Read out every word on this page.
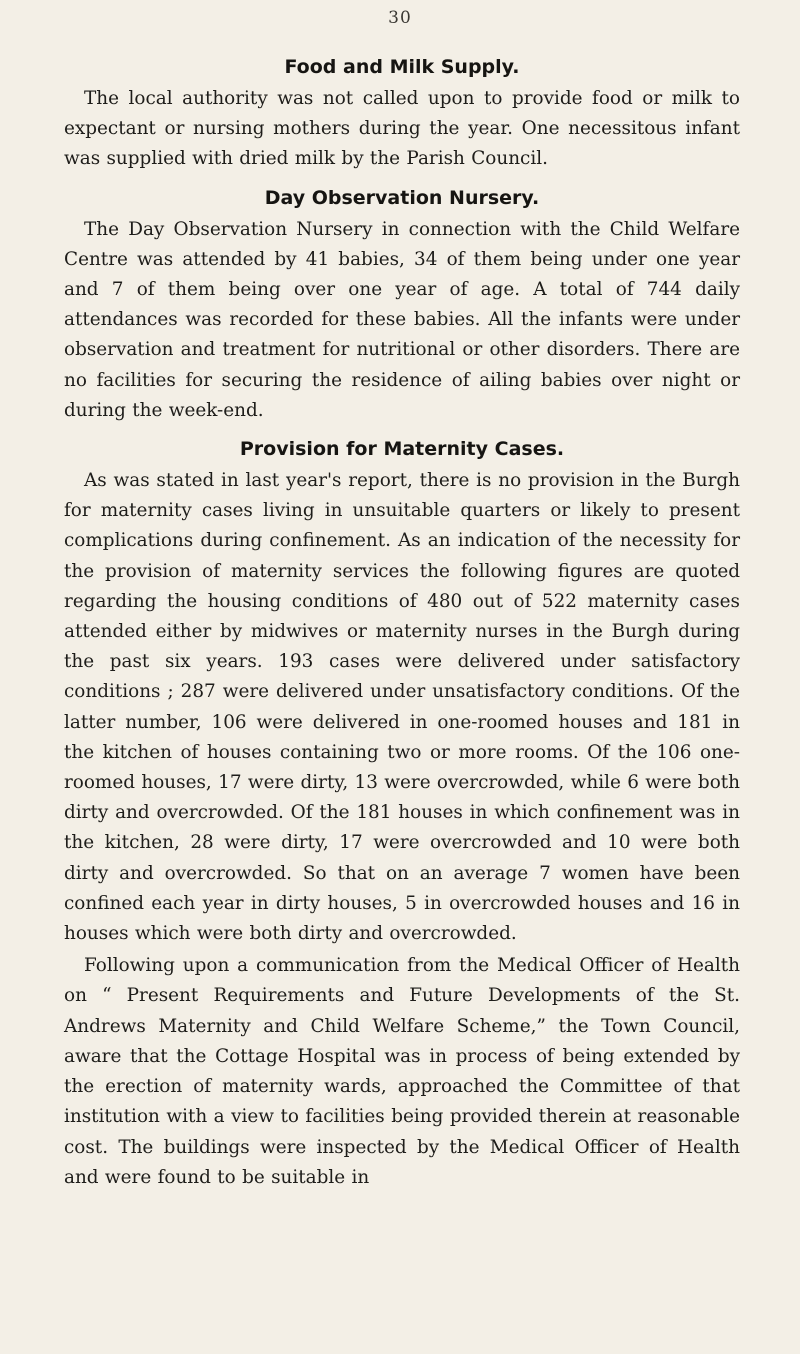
30
Food and Milk Supply.

The local authority was not called upon to provide food or milk to expectant or nursing mothers during the year. One necessitous infant was supplied with dried milk by the Parish Council.

Day Observation Nursery.

The Day Observation Nursery in connection with the Child Welfare Centre was attended by 41 babies, 34 of them being under one year and 7 of them being over one year of age. A total of 744 daily attendances was recorded for these babies. All the infants were under observation and treatment for nutritional or other disorders. There are no facilities for securing the residence of ailing babies over night or during the week-end.

Provision for Maternity Cases.

As was stated in last year's report, there is no provision in the Burgh for maternity cases living in unsuitable quarters or likely to present complications during confinement. As an indication of the necessity for the provision of maternity services the following figures are quoted regarding the housing conditions of 480 out of 522 maternity cases attended either by midwives or maternity nurses in the Burgh during the past six years. 193 cases were delivered under satisfactory conditions ; 287 were delivered under unsatisfactory conditions. Of the latter number, 106 were delivered in one-roomed houses and 181 in the kitchen of houses containing two or more rooms. Of the 106 one-roomed houses, 17 were dirty, 13 were overcrowded, while 6 were both dirty and overcrowded. Of the 181 houses in which confinement was in the kitchen, 28 were dirty, 17 were overcrowded and 10 were both dirty and overcrowded. So that on an average 7 women have been confined each year in dirty houses, 5 in overcrowded houses and 16 in houses which were both dirty and overcrowded.

Following upon a communication from the Medical Officer of Health on “ Present Requirements and Future Developments of the St. Andrews Maternity and Child Welfare Scheme,” the Town Council, aware that the Cottage Hospital was in process of being extended by the erection of maternity wards, approached the Committee of that institution with a view to facilities being provided therein at reasonable cost. The buildings were inspected by the Medical Officer of Health and were found to be suitable in
